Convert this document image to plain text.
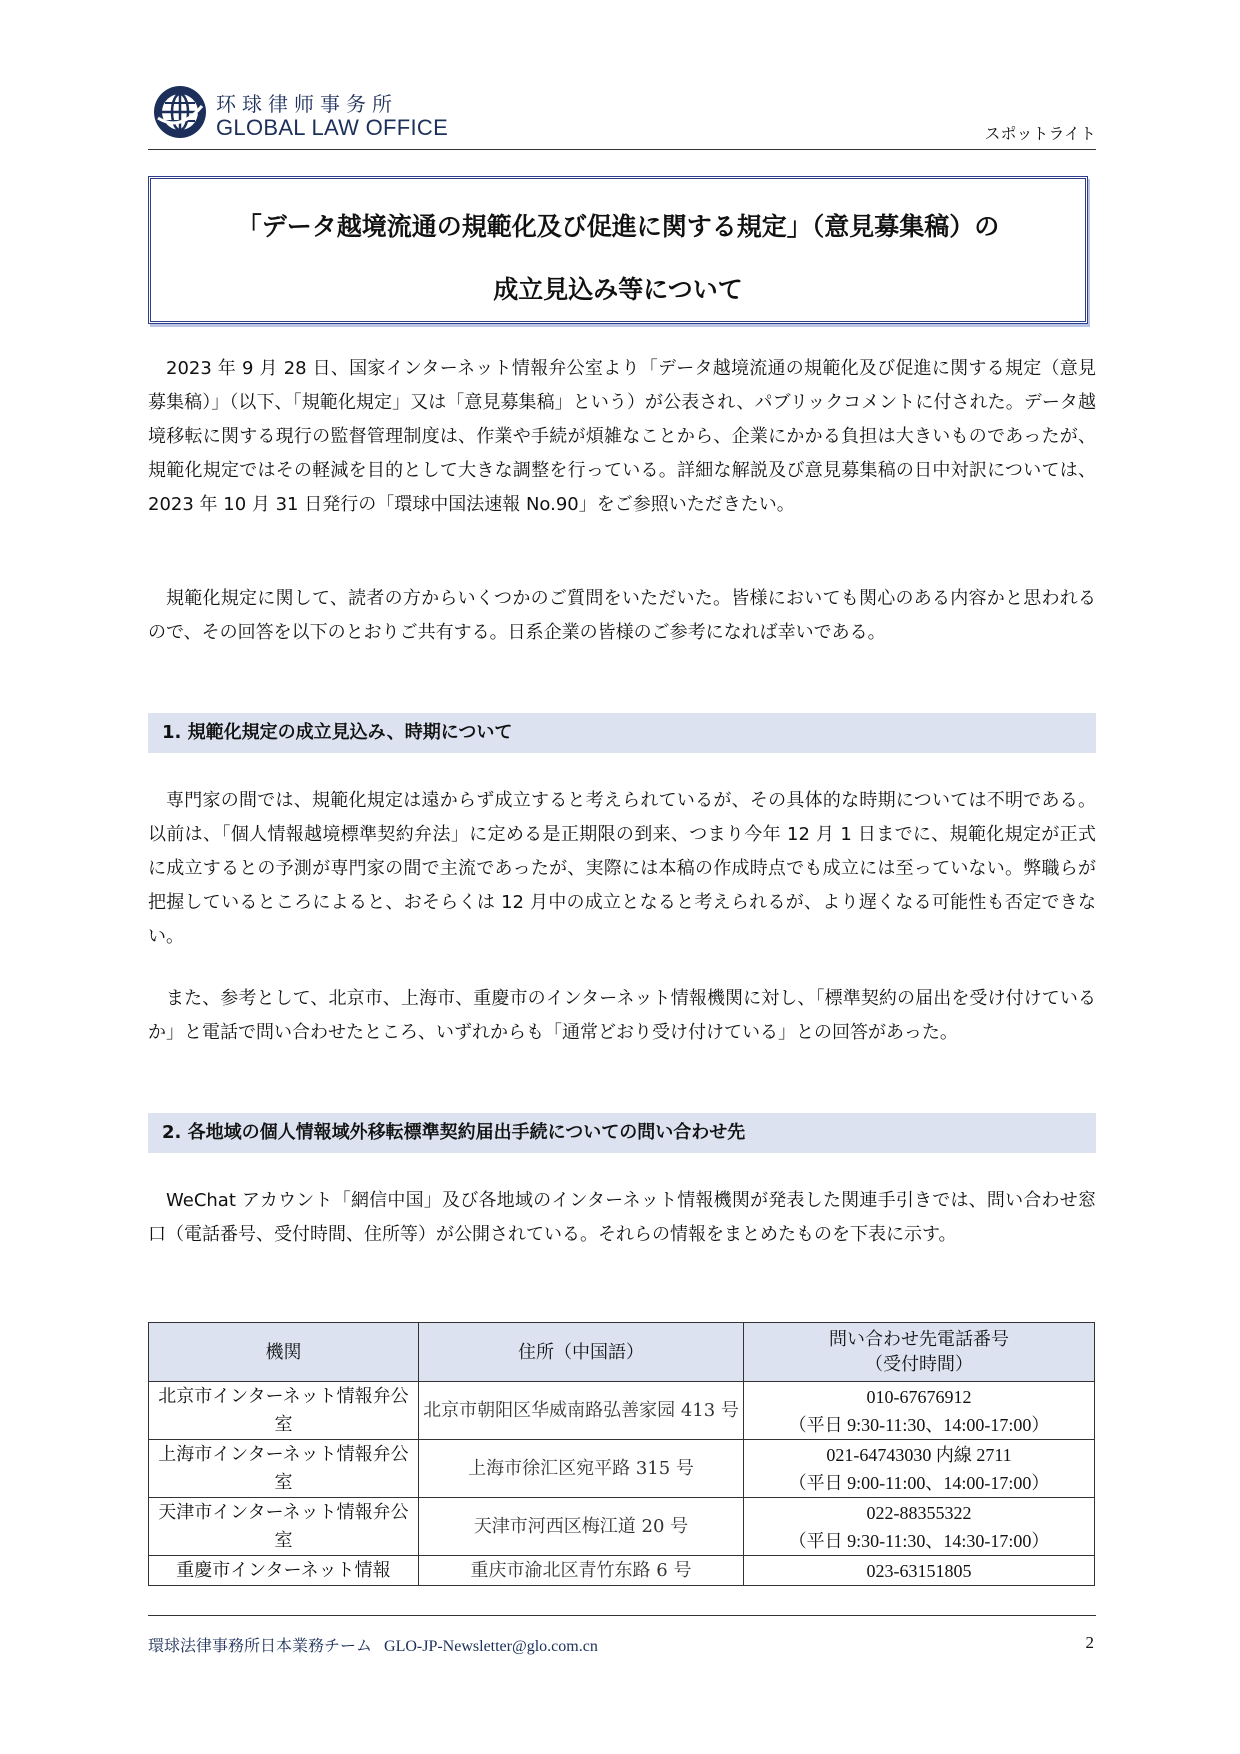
环球律师事务所
GLOBAL LAW OFFICE	スポットライト
「データ越境流通の規範化及び促進に関する規定」（意見募集稿）の
成立見込み等について

2023 年 9 月 28 日、国家インターネット情報弁公室より「データ越境流通の規範化及び促進に関する規定（意見募集稿）」（以下、「規範化規定」又は「意見募集稿」という）が公表され、パブリックコメントに付された。データ越境移転に関する現行の監督管理制度は、作業や手続が煩雑なことから、企業にかかる負担は大きいものであったが、規範化規定ではその軽減を目的として大きな調整を行っている。詳細な解説及び意見募集稿の日中対訳については、2023 年 10 月 31 日発行の「環球中国法速報 No.90」をご参照いただきたい。

規範化規定に関して、読者の方からいくつかのご質問をいただいた。皆様においても関心のある内容かと思われるので、その回答を以下のとおりご共有する。日系企業の皆様のご参考になれば幸いである。

1. 規範化規定の成立見込み、時期について

専門家の間では、規範化規定は遠からず成立すると考えられているが、その具体的な時期については不明である。以前は、「個人情報越境標準契約弁法」に定める是正期限の到来、つまり今年 12 月 1 日までに、規範化規定が正式に成立するとの予測が専門家の間で主流であったが、実際には本稿の作成時点でも成立には至っていない。弊職らが把握しているところによると、おそらくは 12 月中の成立となると考えられるが、より遅くなる可能性も否定できない。

また、参考として、北京市、上海市、重慶市のインターネット情報機関に対し、「標準契約の届出を受け付けているか」と電話で問い合わせたところ、いずれからも「通常どおり受け付けている」との回答があった。

2. 各地域の個人情報域外移転標準契約届出手続についての問い合わせ先

WeChat アカウント「網信中国」及び各地域のインターネット情報機関が発表した関連手引きでは、問い合わせ窓口（電話番号、受付時間、住所等）が公開されている。それらの情報をまとめたものを下表に示す。

機関	住所（中国語）	問い合わせ先電話番号
（受付時間）

北京市インターネット情報弁公室	北京市朝阳区华威南路弘善家园 413 号	010-67676912
（平日 9:30-11:30、14:00-17:00）

上海市インターネット情報弁公室	上海市徐汇区宛平路 315 号	021-64743030 内線 2711
（平日 9:00-11:00、14:00-17:00）

天津市インターネット情報弁公室	天津市河西区梅江道 20 号	022-88355322
（平日 9:30-11:30、14:30-17:00）

重慶市インターネット情報	重庆市渝北区青竹东路 6 号	023-63151805
環球法律事務所日本業務チーム GLO-JP-Newsletter@glo.com.cn	2
